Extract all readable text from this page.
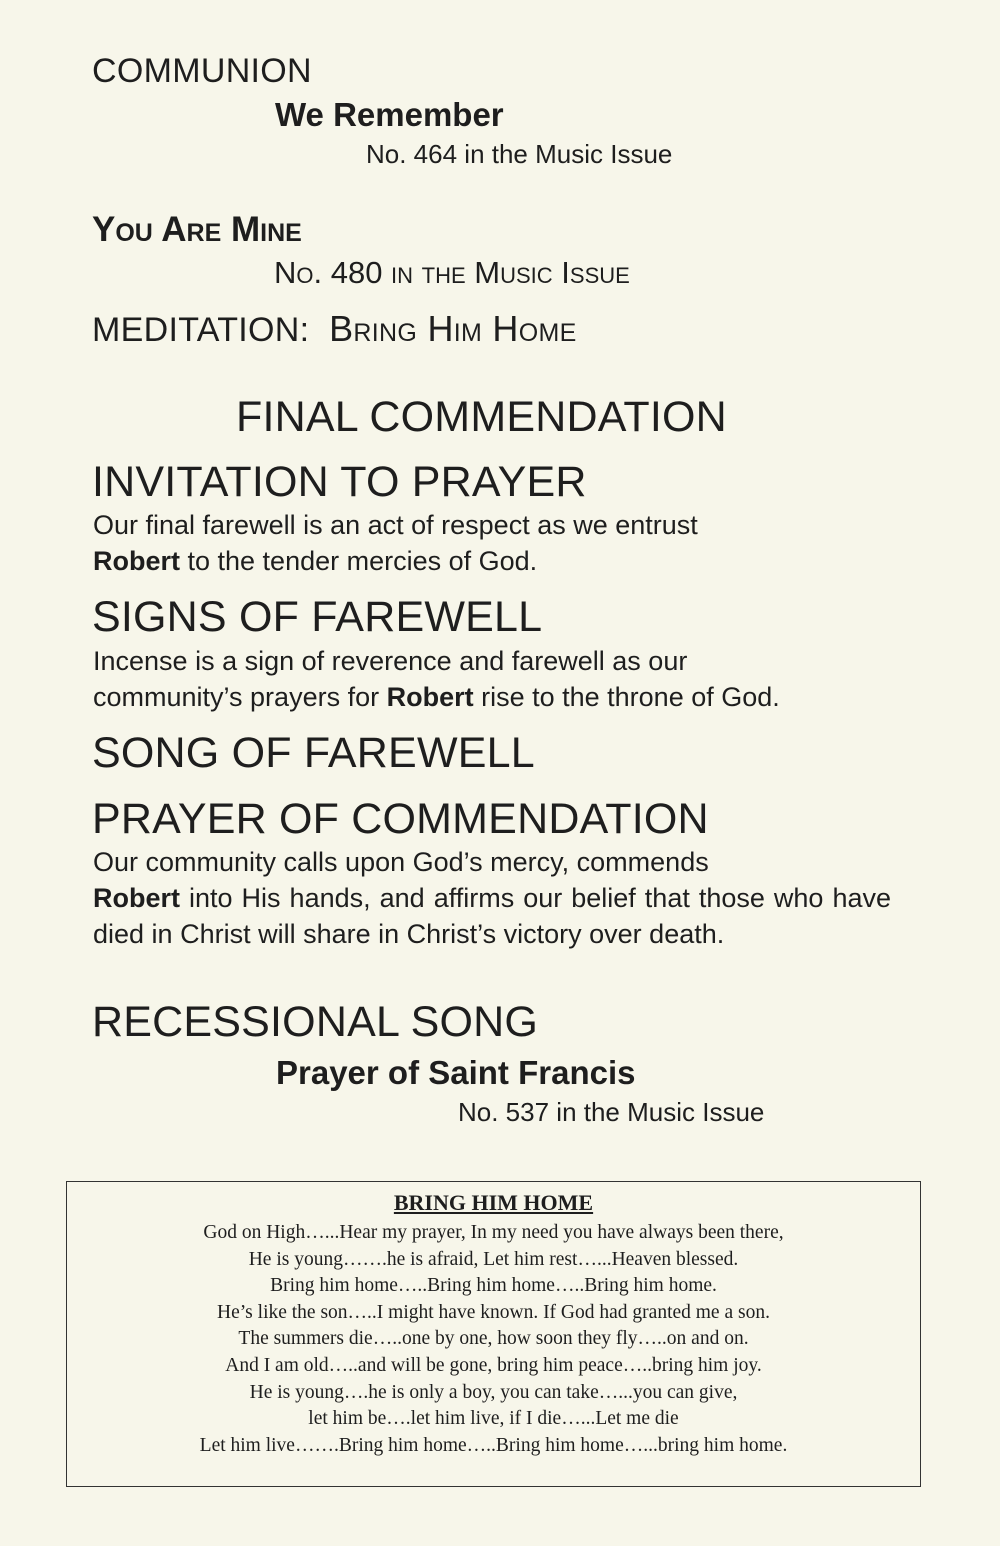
COMMUNION
We Remember
No. 464 in the Music Issue
You Are Mine
No. 480 in the Music Issue
MEDITATION: Bring Him Home
FINAL COMMENDATION
INVITATION TO PRAYER
Our final farewell is an act of respect as we entrust
Robert to the tender mercies of God.
SIGNS OF FAREWELL
Incense is a sign of reverence and farewell as our
community’s prayers for Robert rise to the throne of God.
SONG OF FAREWELL
PRAYER OF COMMENDATION
Our community calls upon God’s mercy, commends
Robert into His hands, and affirms our belief that those who have died in Christ will share in Christ’s victory over death.
RECESSIONAL SONG
Prayer of Saint Francis
No. 537 in the Music Issue
BRING HIM HOME
God on High…...Hear my prayer, In my need you have always been there,
He is young…….he is afraid, Let him rest…...Heaven blessed.
Bring him home…..Bring him home…..Bring him home.
He’s like the son…..I might have known. If God had granted me a son.
The summers die…..one by one, how soon they fly…..on and on.
And I am old…..and will be gone, bring him peace…..bring him joy.
He is young….he is only a boy, you can take…...you can give,
let him be….let him live, if I die…...Let me die
Let him live…….Bring him home…..Bring him home…...bring him home.
